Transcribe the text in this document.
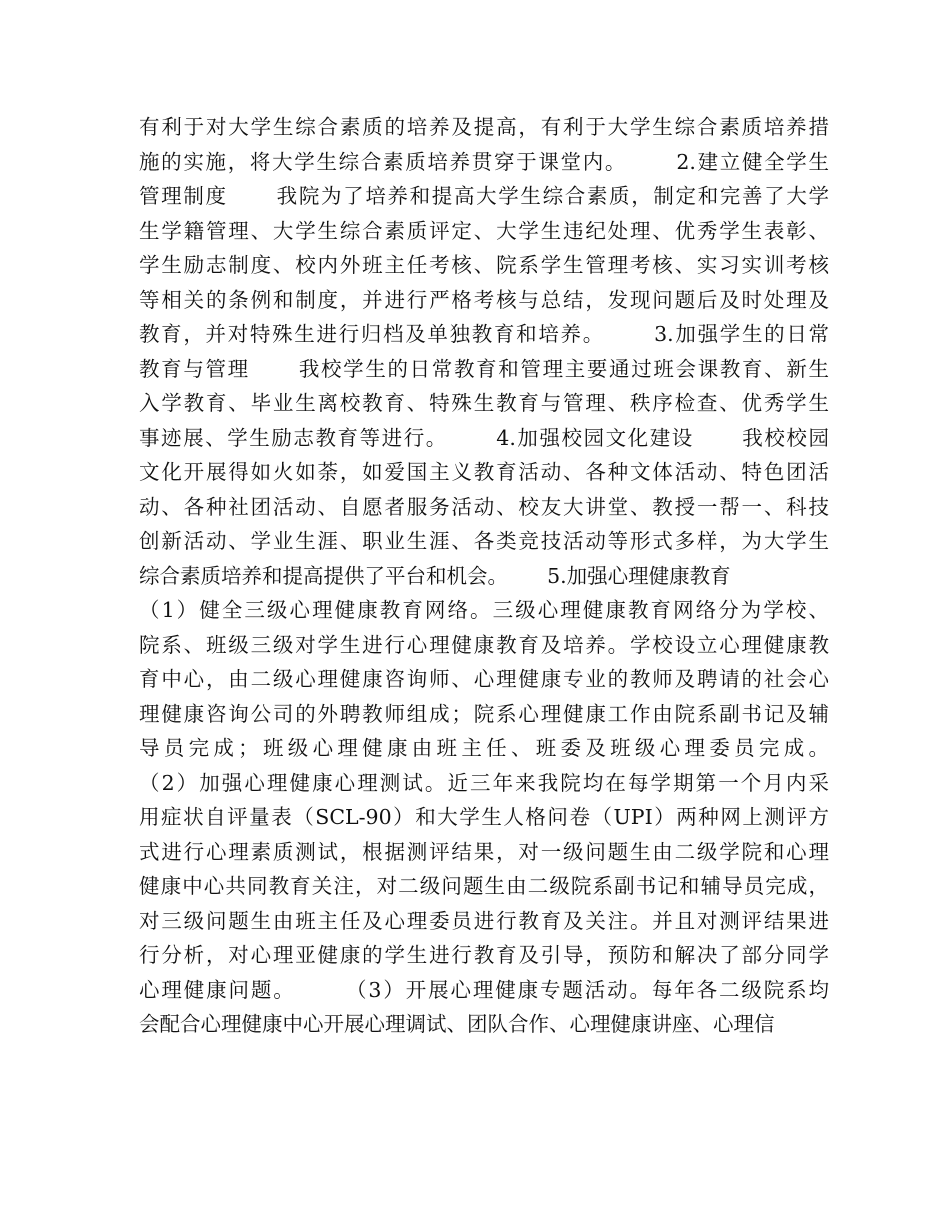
有利于对大学生综合素质的培养及提高，有利于大学生综合素质培养措
施的实施，将大学生综合素质培养贯穿于课堂内。      2.建立健全学生
管理制度      我院为了培养和提高大学生综合素质，制定和完善了大学
生学籍管理、大学生综合素质评定、大学生违纪处理、优秀学生表彰、
学生励志制度、校内外班主任考核、院系学生管理考核、实习实训考核
等相关的条例和制度，并进行严格考核与总结，发现问题后及时处理及
教育，并对特殊生进行归档及单独教育和培养。      3.加强学生的日常
教育与管理      我校学生的日常教育和管理主要通过班会课教育、新生
入学教育、毕业生离校教育、特殊生教育与管理、秩序检查、优秀学生
事迹展、学生励志教育等进行。      4.加强校园文化建设      我校校园
文化开展得如火如荼，如爱国主义教育活动、各种文体活动、特色团活
动、各种社团活动、自愿者服务活动、校友大讲堂、教授一帮一、科技
创新活动、学业生涯、职业生涯、各类竞技活动等形式多样，为大学生
综合素质培养和提高提供了平台和机会。      5.加强心理健康教育
（1）健全三级心理健康教育网络。三级心理健康教育网络分为学校、
院系、班级三级对学生进行心理健康教育及培养。学校设立心理健康教
育中心，由二级心理健康咨询师、心理健康专业的教师及聘请的社会心
理健康咨询公司的外聘教师组成；院系心理健康工作由院系副书记及辅
导员完成；班级心理健康由班主任、班委及班级心理委员完成。
（2）加强心理健康心理测试。近三年来我院均在每学期第一个月内采
用症状自评量表（SCL-90）和大学生人格问卷（UPI）两种网上测评方
式进行心理素质测试，根据测评结果，对一级问题生由二级学院和心理
健康中心共同教育关注，对二级问题生由二级院系副书记和辅导员完成，
对三级问题生由班主任及心理委员进行教育及关注。并且对测评结果进
行分析，对心理亚健康的学生进行教育及引导，预防和解决了部分同学
心理健康问题。      （3）开展心理健康专题活动。每年各二级院系均
会配合心理健康中心开展心理调试、团队合作、心理健康讲座、心理信
